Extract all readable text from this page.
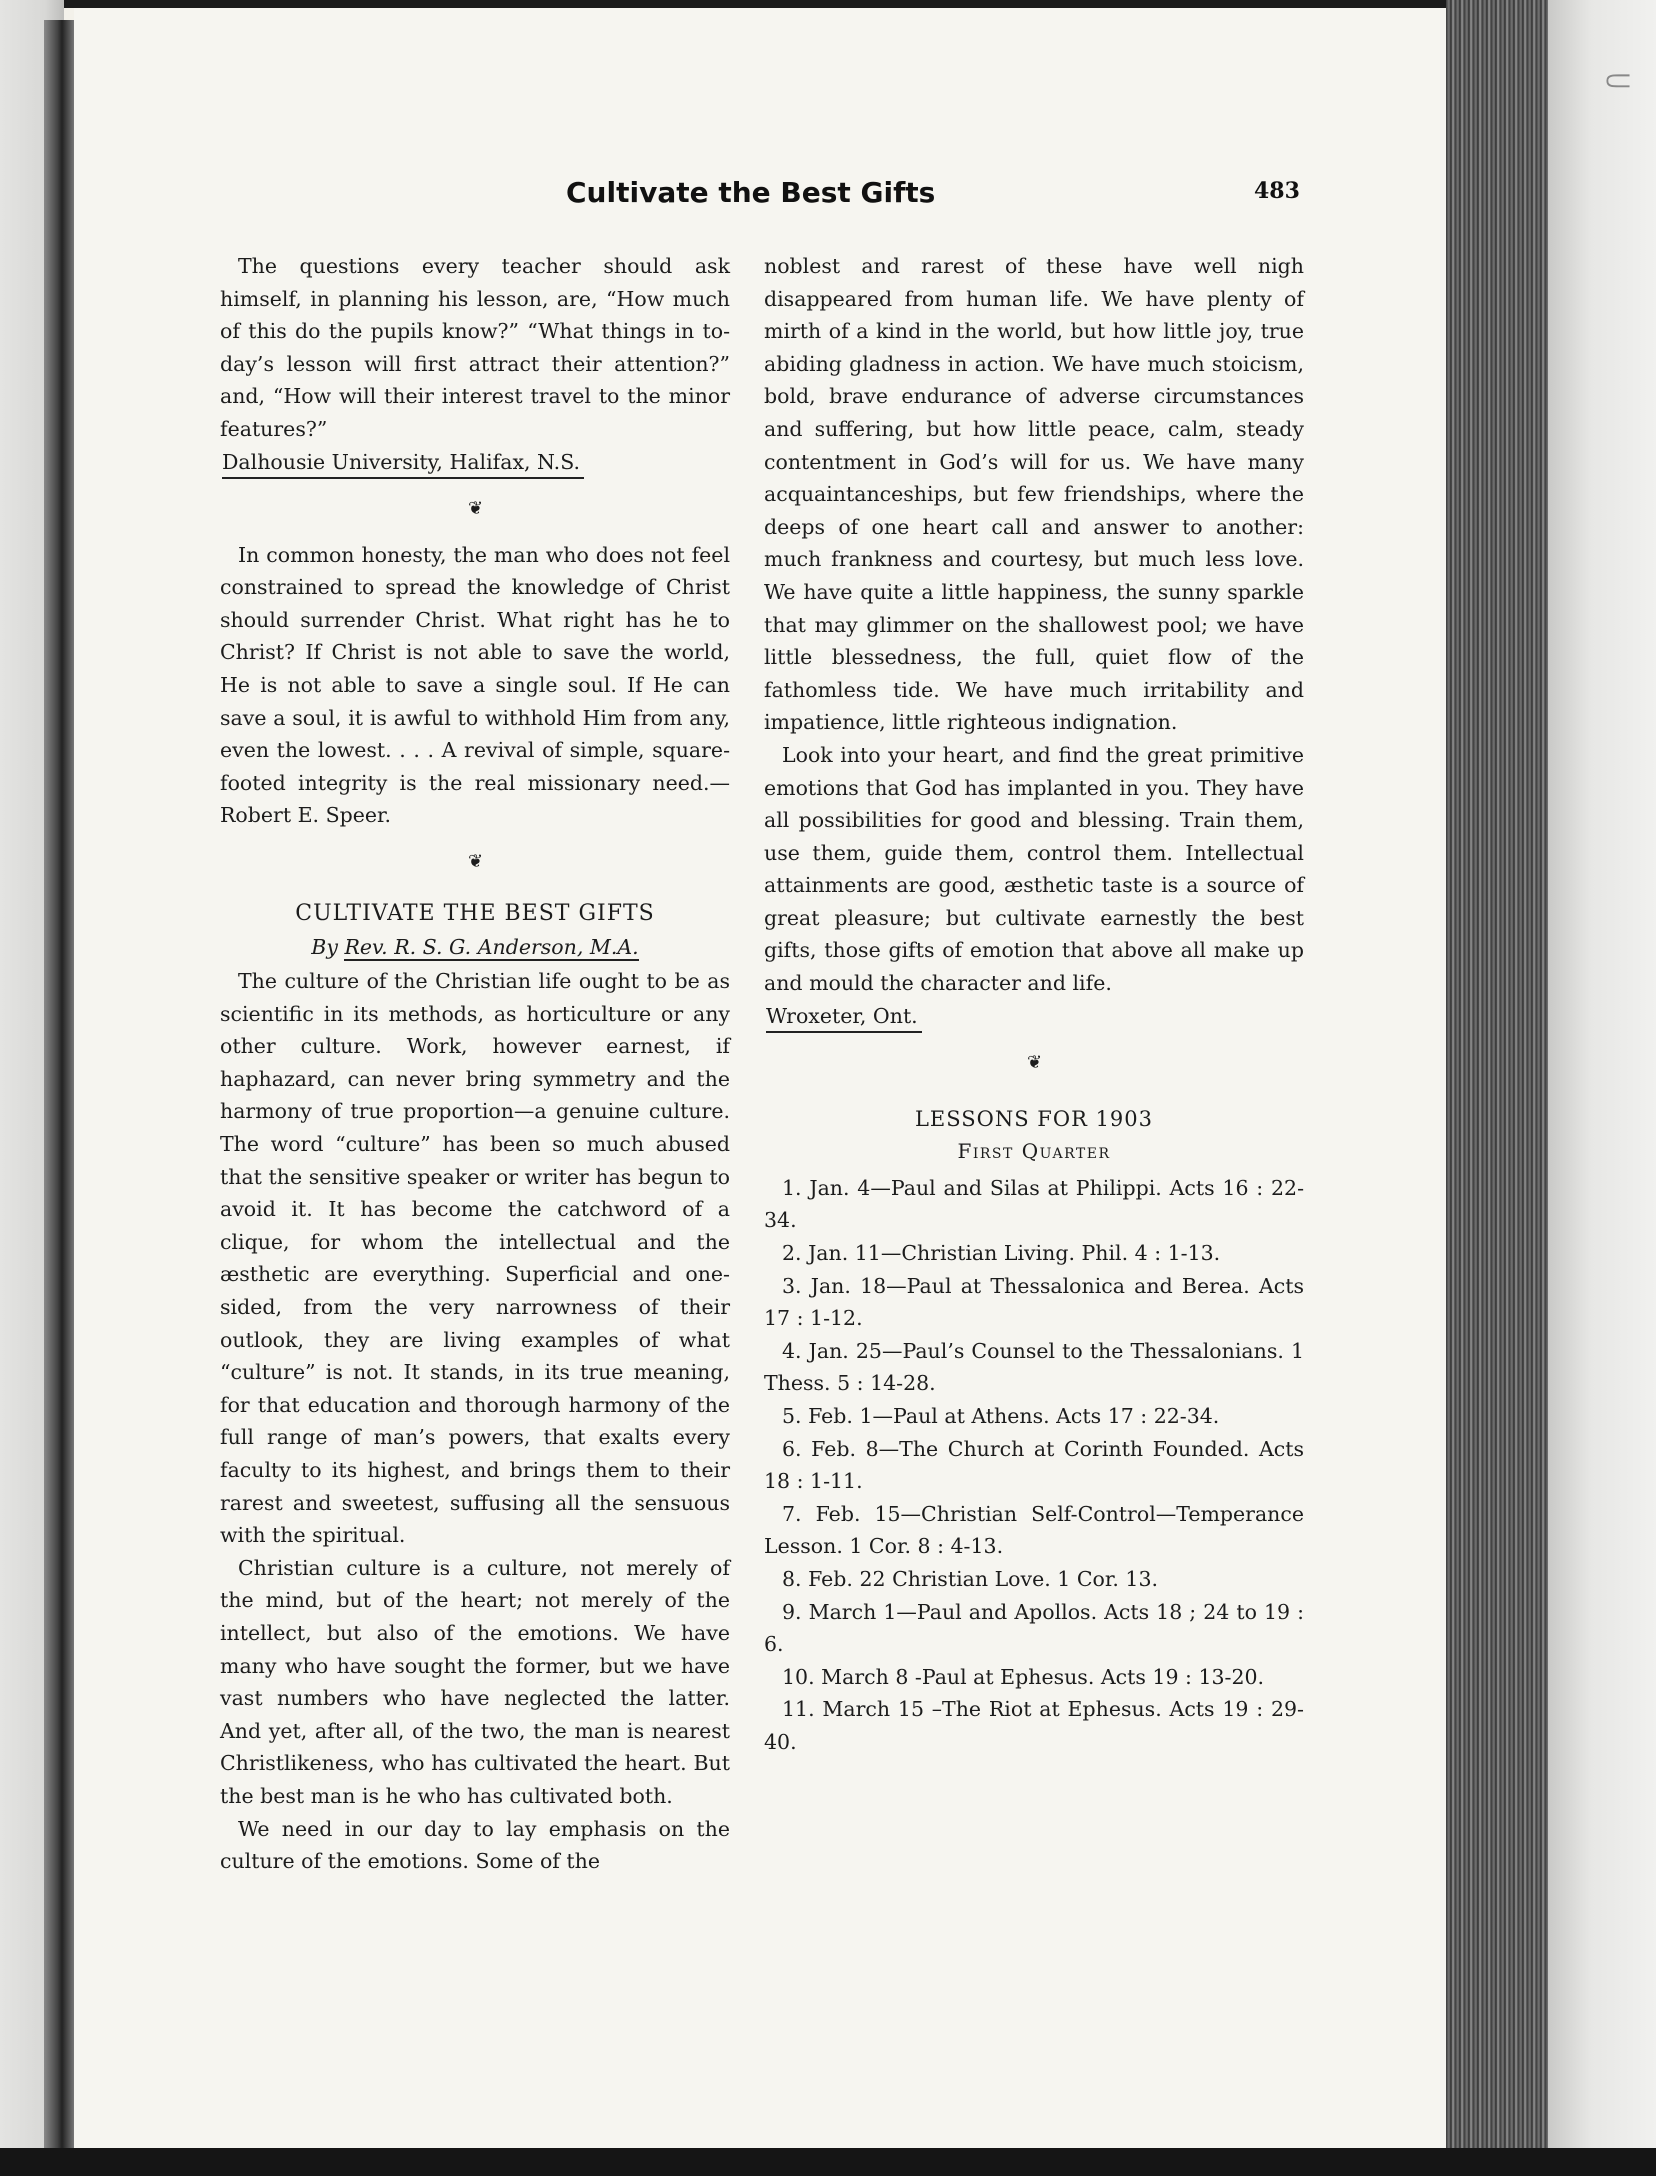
⸦
Cultivate the Best Gifts	483

The questions every teacher should ask himself, in planning his lesson, are, “How much of this do the pupils know?” “What things in to-day’s lesson will first attract their attention?” and, “How will their interest travel to the minor features?”

Dalhousie University, Halifax, N.S.

❦

In common honesty, the man who does not feel constrained to spread the knowledge of Christ should surrender Christ. What right has he to Christ? If Christ is not able to save the world, He is not able to save a single soul. If He can save a soul, it is awful to withhold Him from any, even the lowest. . . . A revival of simple, square-footed integrity is the real missionary need.—Robert E. Speer.

❦
CULTIVATE THE BEST GIFTS
By Rev. R. S. G. Anderson, M.A.

The culture of the Christian life ought to be as scientific in its methods, as horticulture or any other culture. Work, however earnest, if haphazard, can never bring symmetry and the harmony of true proportion—a genuine culture. The word “culture” has been so much abused that the sensitive speaker or writer has begun to avoid it. It has become the catchword of a clique, for whom the intellectual and the æsthetic are everything. Superficial and one-sided, from the very narrowness of their outlook, they are living examples of what “culture” is not. It stands, in its true meaning, for that education and thorough harmony of the full range of man’s powers, that exalts every faculty to its highest, and brings them to their rarest and sweetest, suffusing all the sensuous with the spiritual.

Christian culture is a culture, not merely of the mind, but of the heart; not merely of the intellect, but also of the emotions. We have many who have sought the former, but we have vast numbers who have neglected the latter. And yet, after all, of the two, the man is nearest Christlikeness, who has cultivated the heart. But the best man is he who has cultivated both.

We need in our day to lay emphasis on the culture of the emotions. Some of the

noblest and rarest of these have well nigh disappeared from human life. We have plenty of mirth of a kind in the world, but how little joy, true abiding gladness in action. We have much stoicism, bold, brave endurance of adverse circumstances and suffering, but how little peace, calm, steady contentment in God’s will for us. We have many acquaintanceships, but few friendships, where the deeps of one heart call and answer to another: much frankness and courtesy, but much less love. We have quite a little happiness, the sunny sparkle that may glimmer on the shallowest pool; we have little blessedness, the full, quiet flow of the fathomless tide. We have much irritability and impatience, little righteous indignation.

Look into your heart, and find the great primitive emotions that God has implanted in you. They have all possibilities for good and blessing. Train them, use them, guide them, control them. Intellectual attainments are good, æsthetic taste is a source of great pleasure; but cultivate earnestly the best gifts, those gifts of emotion that above all make up and mould the character and life.

Wroxeter, Ont.

❦
LESSONS FOR 1903
First Quarter

1. Jan. 4—Paul and Silas at Philippi. Acts 16 : 22-34.

2. Jan. 11—Christian Living. Phil. 4 : 1-13.

3. Jan. 18—Paul at Thessalonica and Berea. Acts 17 : 1-12.

4. Jan. 25—Paul’s Counsel to the Thessalonians. 1 Thess. 5 : 14-28.

5. Feb. 1—Paul at Athens. Acts 17 : 22-34.

6. Feb. 8—The Church at Corinth Founded. Acts 18 : 1-11.

7. Feb. 15—Christian Self-Control—Temperance Lesson. 1 Cor. 8 : 4-13.

8. Feb. 22 Christian Love. 1 Cor. 13.

9. March 1—Paul and Apollos. Acts 18 ; 24 to 19 : 6.

10. March 8 -Paul at Ephesus. Acts 19 : 13-20.

11. March 15 –The Riot at Ephesus. Acts 19 : 29-40.
